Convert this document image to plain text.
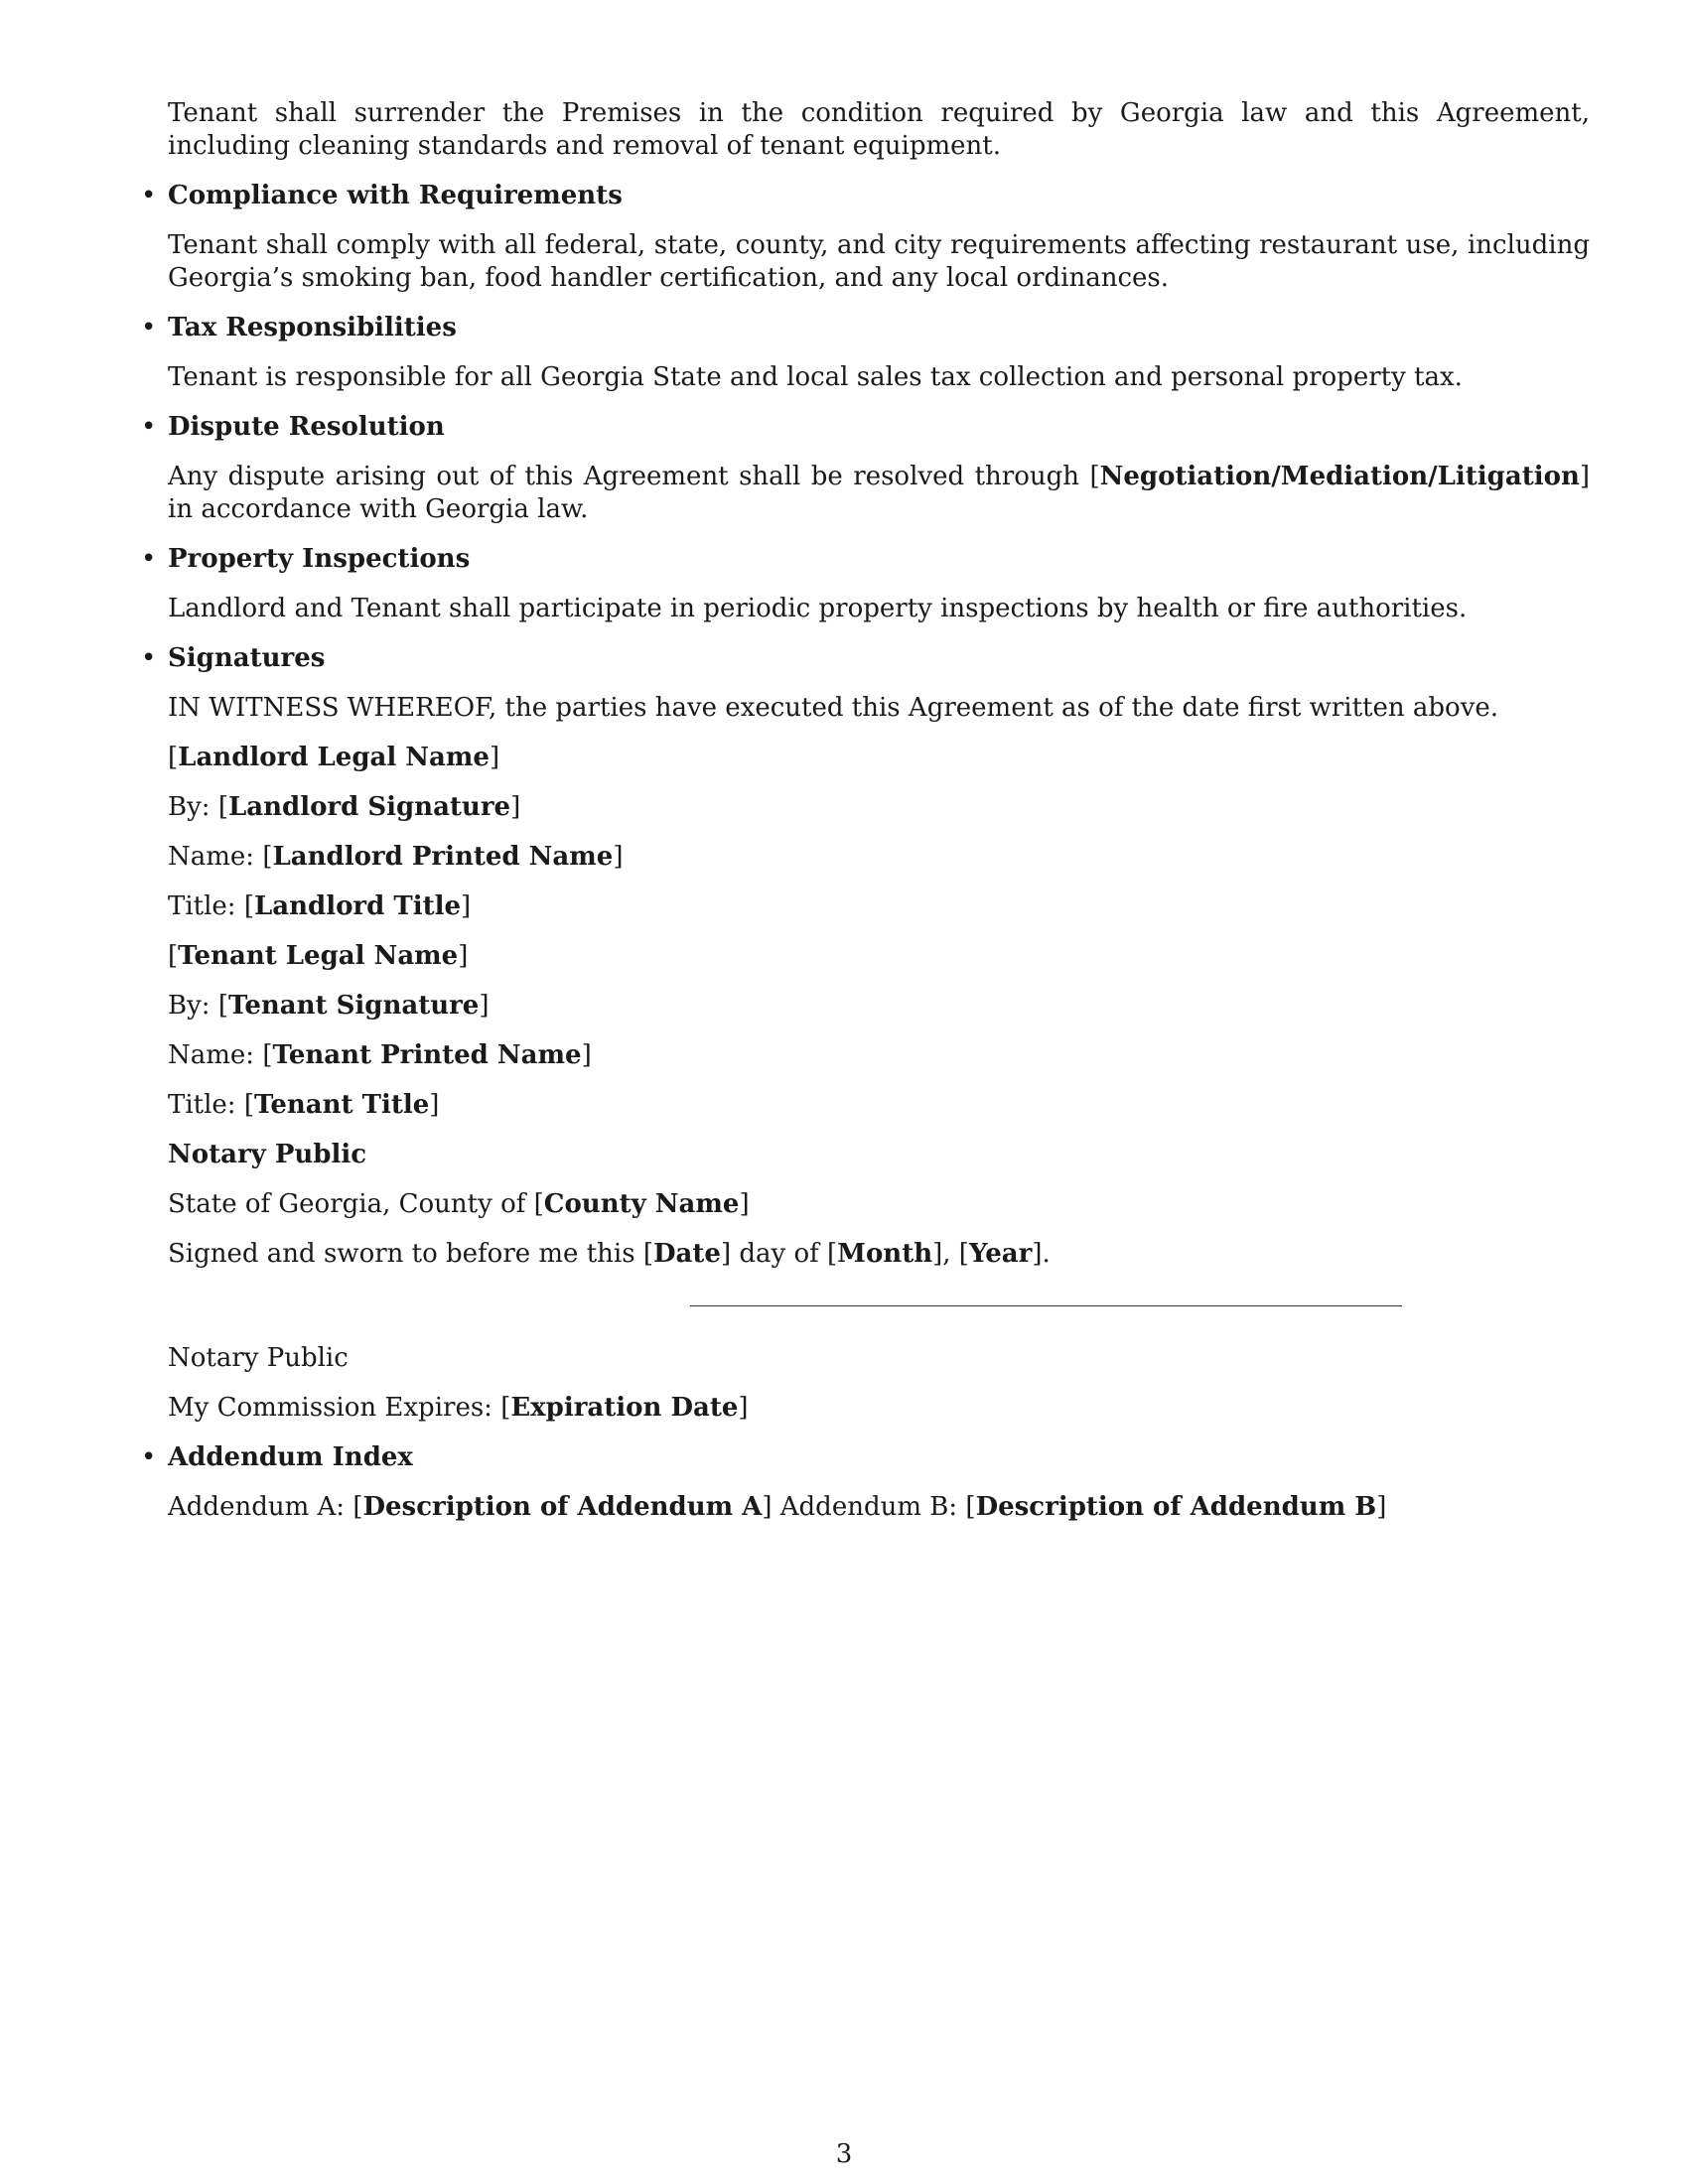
Tenant shall surrender the Premises in the condition required by Georgia law and this Agreement, including cleaning standards and removal of tenant equipment.

• Compliance with Requirements

Tenant shall comply with all federal, state, county, and city requirements affecting restaurant use, including Georgia’s smoking ban, food handler certification, and any local ordinances.

• Tax Responsibilities

Tenant is responsible for all Georgia State and local sales tax collection and personal property tax.

• Dispute Resolution

Any dispute arising out of this Agreement shall be resolved through [Negotiation/Mediation/Litigation] in accordance with Georgia law.

• Property Inspections

Landlord and Tenant shall participate in periodic property inspections by health or fire authorities.

• Signatures

IN WITNESS WHEREOF, the parties have executed this Agreement as of the date first written above.

[Landlord Legal Name]

By: [Landlord Signature]

Name: [Landlord Printed Name]

Title: [Landlord Title]

[Tenant Legal Name]

By: [Tenant Signature]

Name: [Tenant Printed Name]

Title: [Tenant Title]

Notary Public

State of Georgia, County of [County Name]

Signed and sworn to before me this [Date] day of [Month], [Year].

Notary Public

My Commission Expires: [Expiration Date]

• Addendum Index

Addendum A: [Description of Addendum A] Addendum B: [Description of Addendum B]

3
